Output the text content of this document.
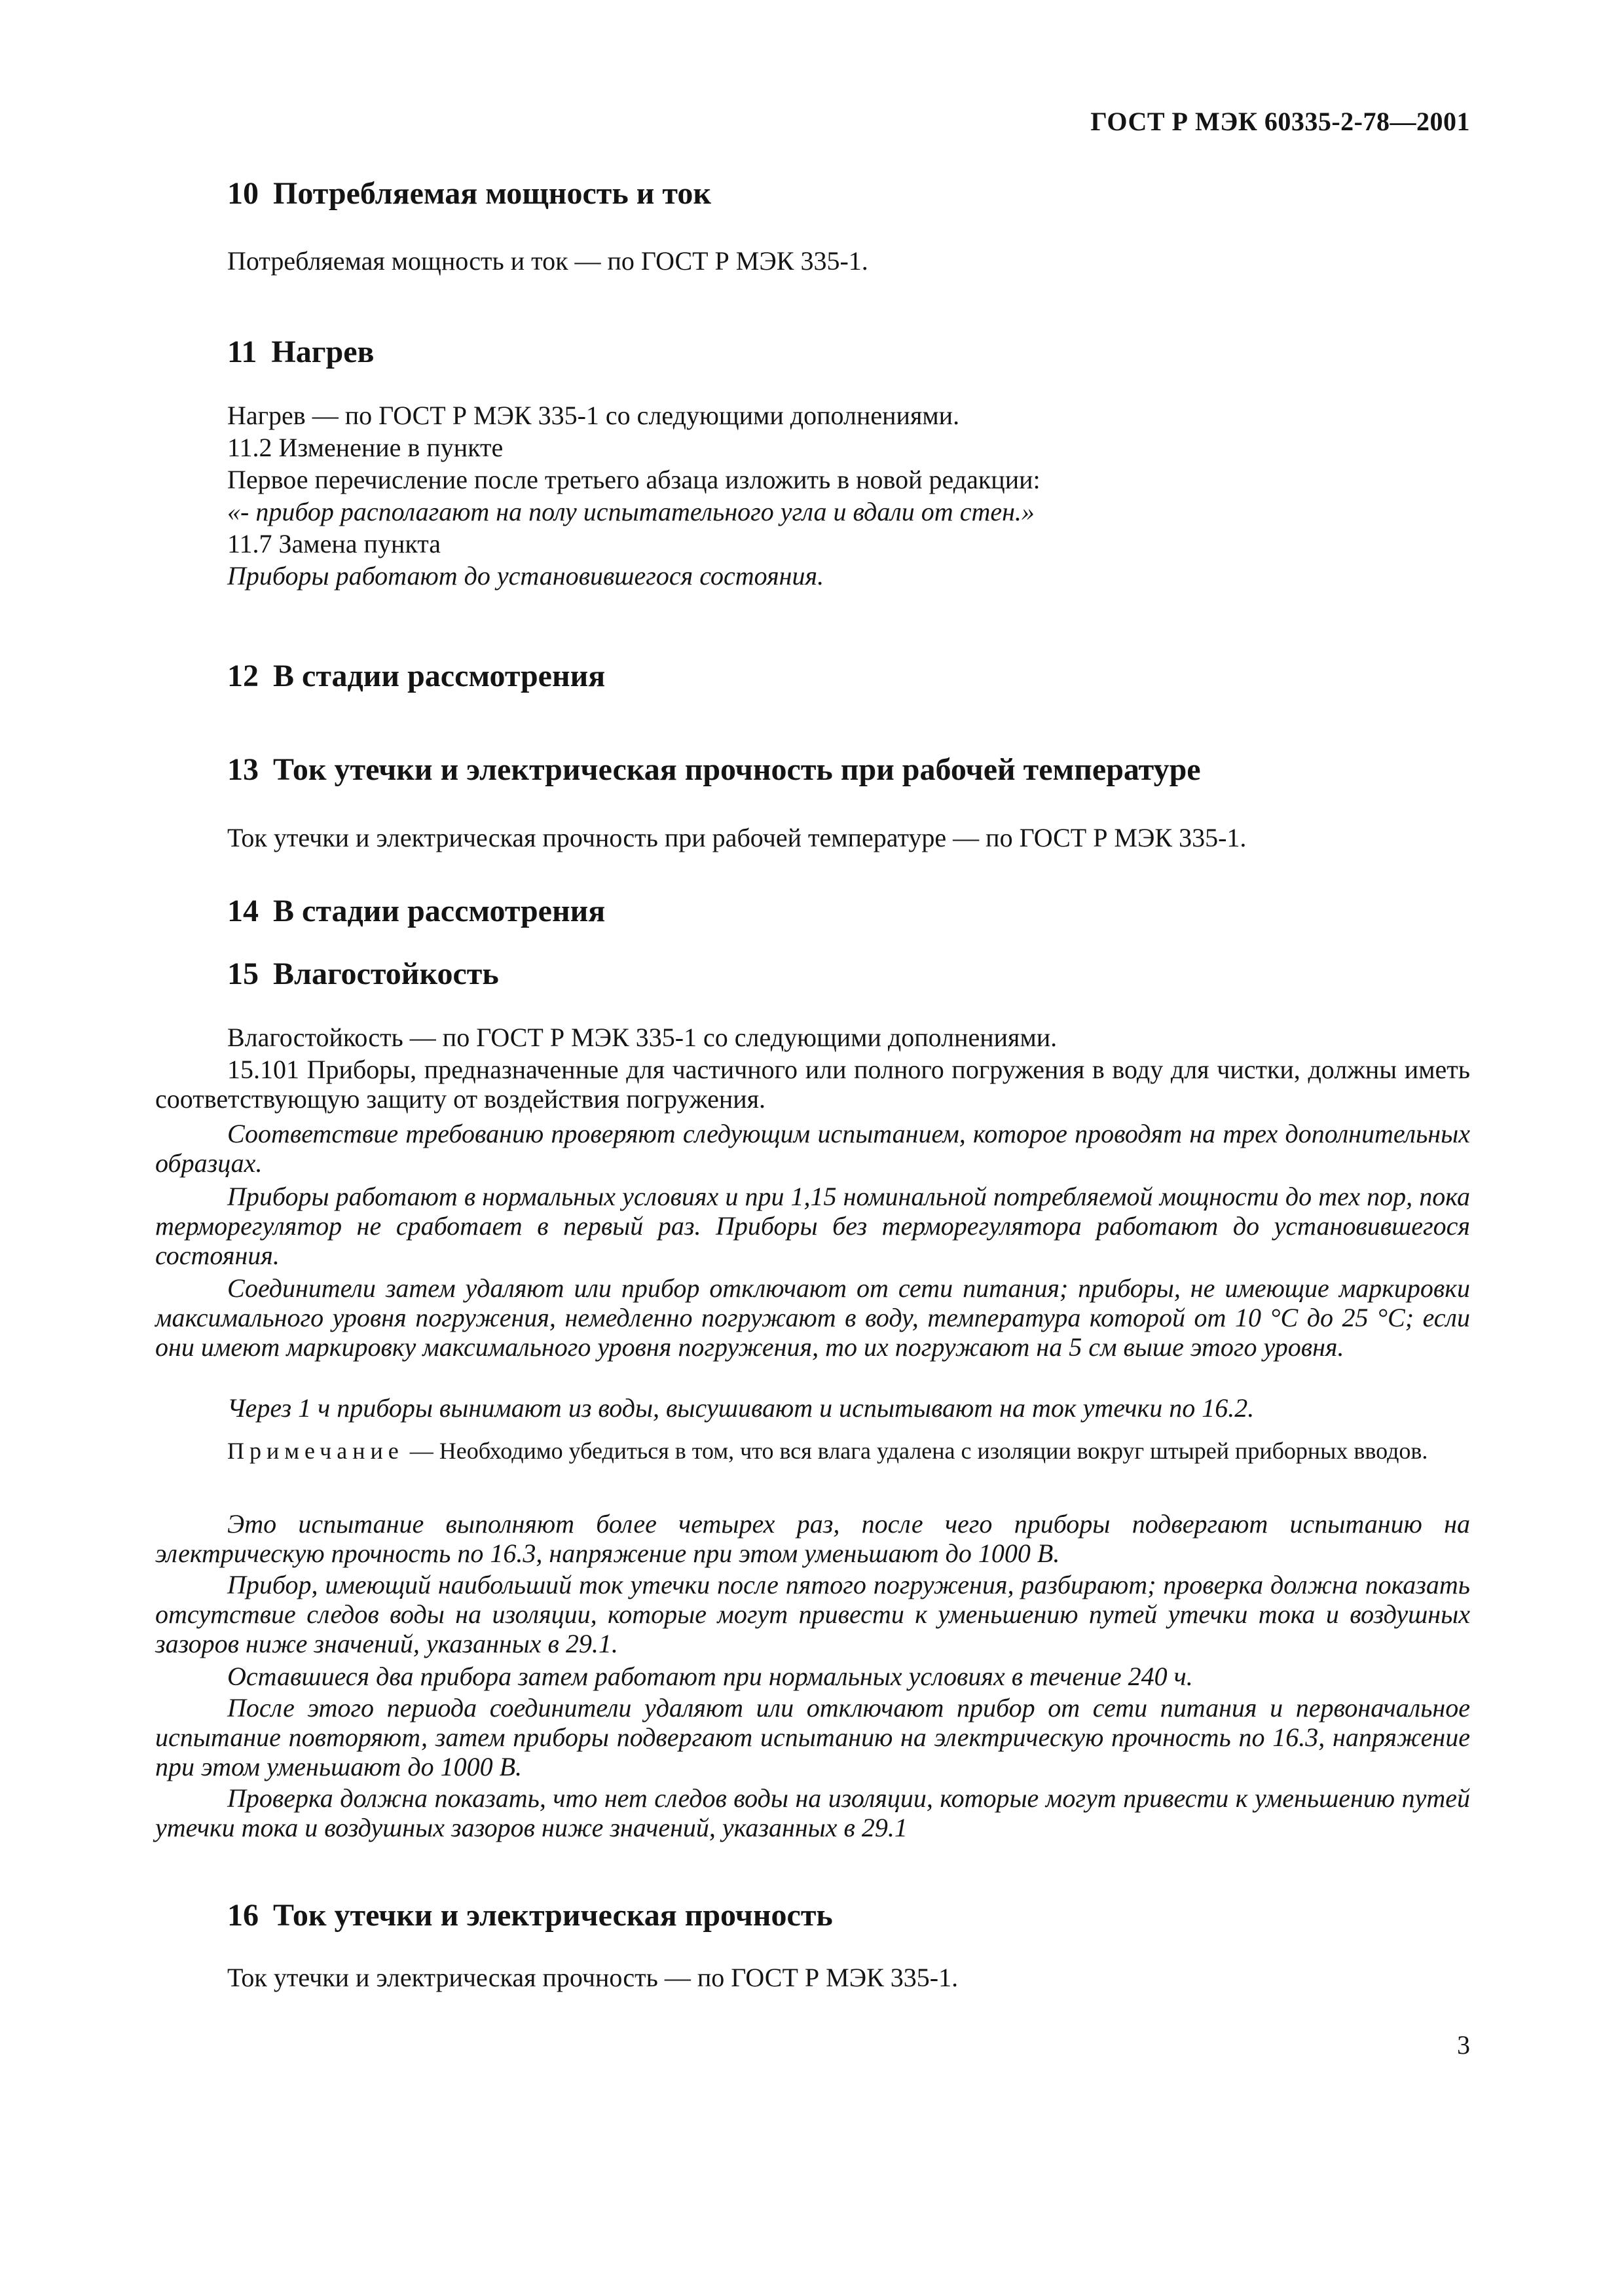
ГОСТ Р МЭК 60335-2-78—2001
10 Потребляемая мощность и ток

Потребляемая мощность и ток — по ГОСТ Р МЭК 335-1.

11 Нагрев

Нагрев — по ГОСТ Р МЭК 335-1 со следующими дополнениями.

11.2 Изменение в пункте

Первое перечисление после третьего абзаца изложить в новой редакции:

«- прибор располагают на полу испытательного угла и вдали от стен.»

11.7 Замена пункта

Приборы работают до установившегося состояния.

12 В стадии рассмотрения
13 Ток утечки и электрическая прочность при рабочей температуре

Ток утечки и электрическая прочность при рабочей температуре — по ГОСТ Р МЭК 335-1.

14 В стадии рассмотрения
15 Влагостойкость

Влагостойкость — по ГОСТ Р МЭК 335-1 со следующими дополнениями.

15.101 Приборы, предназначенные для частичного или полного погружения в воду для чистки, должны иметь соответствующую защиту от воздействия погружения.

Соответствие требованию проверяют следующим испытанием, которое проводят на трех дополнительных образцах.

Приборы работают в нормальных условиях и при 1,15 номинальной потребляемой мощности до тех пор, пока терморегулятор не сработает в первый раз. Приборы без терморегулятора работают до установившегося состояния.

Соединители затем удаляют или прибор отключают от сети питания; приборы, не имеющие маркировки максимального уровня погружения, немедленно погружают в воду, температура которой от 10 °С до 25 °С; если они имеют маркировку максимального уровня погружения, то их погружают на 5 см выше этого уровня.

Через 1 ч приборы вынимают из воды, высушивают и испытывают на ток утечки по 16.2.

Примечание — Необходимо убедиться в том, что вся влага удалена с изоляции вокруг штырей приборных вводов.

Это испытание выполняют более четырех раз, после чего приборы подвергают испытанию на электрическую прочность по 16.3, напряжение при этом уменьшают до 1000 В.

Прибор, имеющий наибольший ток утечки после пятого погружения, разбирают; проверка должна показать отсутствие следов воды на изоляции, которые могут привести к уменьшению путей утечки тока и воздушных зазоров ниже значений, указанных в 29.1.

Оставшиеся два прибора затем работают при нормальных условиях в течение 240 ч.

После этого периода соединители удаляют или отключают прибор от сети питания и первоначальное испытание повторяют, затем приборы подвергают испытанию на электрическую прочность по 16.3, напряжение при этом уменьшают до 1000 В.

Проверка должна показать, что нет следов воды на изоляции, которые могут привести к уменьшению путей утечки тока и воздушных зазоров ниже значений, указанных в 29.1

16 Ток утечки и электрическая прочность

Ток утечки и электрическая прочность — по ГОСТ Р МЭК 335-1.

3
